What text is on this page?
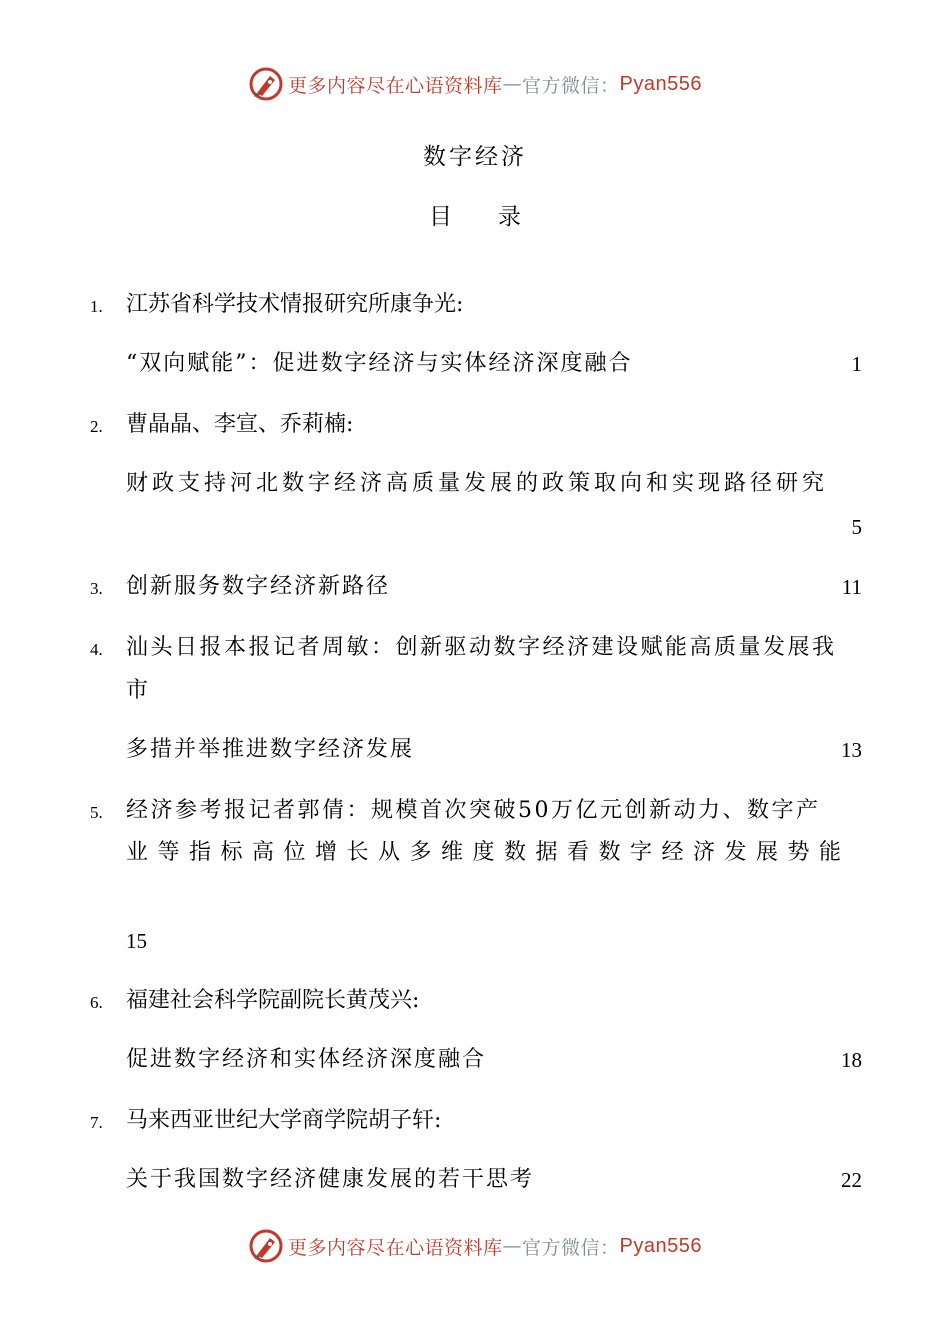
更多内容尽在心语资料库 — 官方微信： Pyan556
数字经济
目 录
1. 江苏省科学技术情报研究所康争光:
“双向赋能”：促进数字经济与实体经济深度融合	1
2. 曹晶晶、李宣、乔莉楠:
财政支持河北数字经济高质量发展的政策取向和实现路径研究
5
3. 创新服务数字经济新路径	11
4. 汕头日报本报记者周敏：创新驱动数字经济建设赋能高质量发展我
市
多措并举推进数字经济发展	13
5. 经济参考报记者郭倩：规模首次突破50万亿元创新动力、数字产
业等指标高位增长从多维度数据看数字经济发展势能
15
6. 福建社会科学院副院长黄茂兴:
促进数字经济和实体经济深度融合	18
7. 马来西亚世纪大学商学院胡子轩:
关于我国数字经济健康发展的若干思考	22
更多内容尽在心语资料库 — 官方微信： Pyan556
